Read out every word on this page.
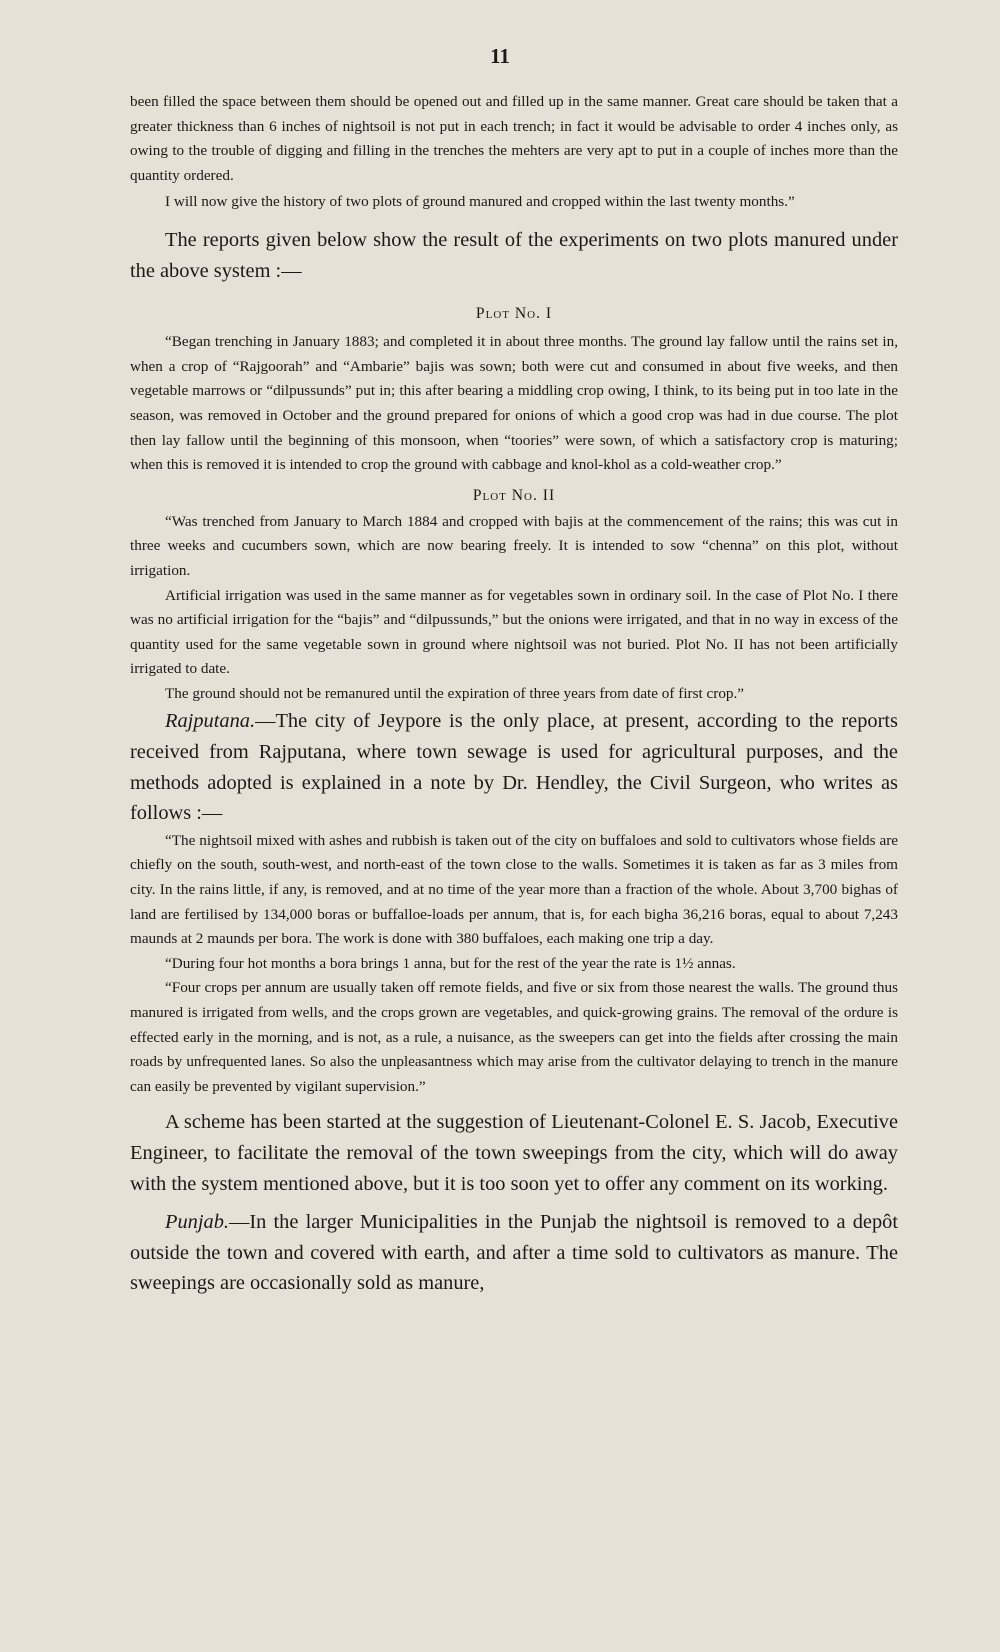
11

been filled the space between them should be opened out and filled up in the same manner. Great care should be taken that a greater thickness than 6 inches of nightsoil is not put in each trench; in fact it would be advisable to order 4 inches only, as owing to the trouble of digging and filling in the trenches the mehters are very apt to put in a couple of inches more than the quantity ordered.

I will now give the history of two plots of ground manured and cropped within the last twenty months.”

The reports given below show the result of the experiments on two plots manured under the above system :—

Plot No. I

“Began trenching in January 1883; and completed it in about three months. The ground lay fallow until the rains set in, when a crop of “Rajgoorah” and “Ambarie” bajis was sown; both were cut and consumed in about five weeks, and then vegetable marrows or “dilpussunds” put in; this after bearing a middling crop owing, I think, to its being put in too late in the season, was removed in October and the ground prepared for onions of which a good crop was had in due course. The plot then lay fallow until the beginning of this monsoon, when “toories” were sown, of which a satisfactory crop is maturing; when this is removed it is intended to crop the ground with cabbage and knol-khol as a cold-weather crop.”

Plot No. II

“Was trenched from January to March 1884 and cropped with bajis at the commencement of the rains; this was cut in three weeks and cucumbers sown, which are now bearing freely. It is intended to sow “chenna” on this plot, without irrigation.

Artificial irrigation was used in the same manner as for vegetables sown in ordinary soil. In the case of Plot No. I there was no artificial irrigation for the “bajis” and “dilpussunds,” but the onions were irrigated, and that in no way in excess of the quantity used for the same vegetable sown in ground where nightsoil was not buried. Plot No. II has not been artificially irrigated to date.

The ground should not be remanured until the expiration of three years from date of first crop.”

Rajputana.—The city of Jeypore is the only place, at present, according to the reports received from Rajputana, where town sewage is used for agricultural purposes, and the methods adopted is explained in a note by Dr. Hendley, the Civil Surgeon, who writes as follows :—

“The nightsoil mixed with ashes and rubbish is taken out of the city on buffaloes and sold to cultivators whose fields are chiefly on the south, south-west, and north-east of the town close to the walls. Sometimes it is taken as far as 3 miles from city. In the rains little, if any, is removed, and at no time of the year more than a fraction of the whole. About 3,700 bighas of land are fertilised by 134,000 boras or buffalloe-loads per annum, that is, for each bigha 36,216 boras, equal to about 7,243 maunds at 2 maunds per bora. The work is done with 380 buffaloes, each making one trip a day.

“During four hot months a bora brings 1 anna, but for the rest of the year the rate is 1½ annas.

“Four crops per annum are usually taken off remote fields, and five or six from those nearest the walls. The ground thus manured is irrigated from wells, and the crops grown are vegetables, and quick-growing grains. The removal of the ordure is effected early in the morning, and is not, as a rule, a nuisance, as the sweepers can get into the fields after crossing the main roads by unfrequented lanes. So also the unpleasantness which may arise from the cultivator delaying to trench in the manure can easily be prevented by vigilant supervision.”

A scheme has been started at the suggestion of Lieutenant-Colonel E. S. Jacob, Executive Engineer, to facilitate the removal of the town sweepings from the city, which will do away with the system mentioned above, but it is too soon yet to offer any comment on its working.

Punjab.—In the larger Municipalities in the Punjab the nightsoil is removed to a depôt outside the town and covered with earth, and after a time sold to cultivators as manure. The sweepings are occasionally sold as manure,
